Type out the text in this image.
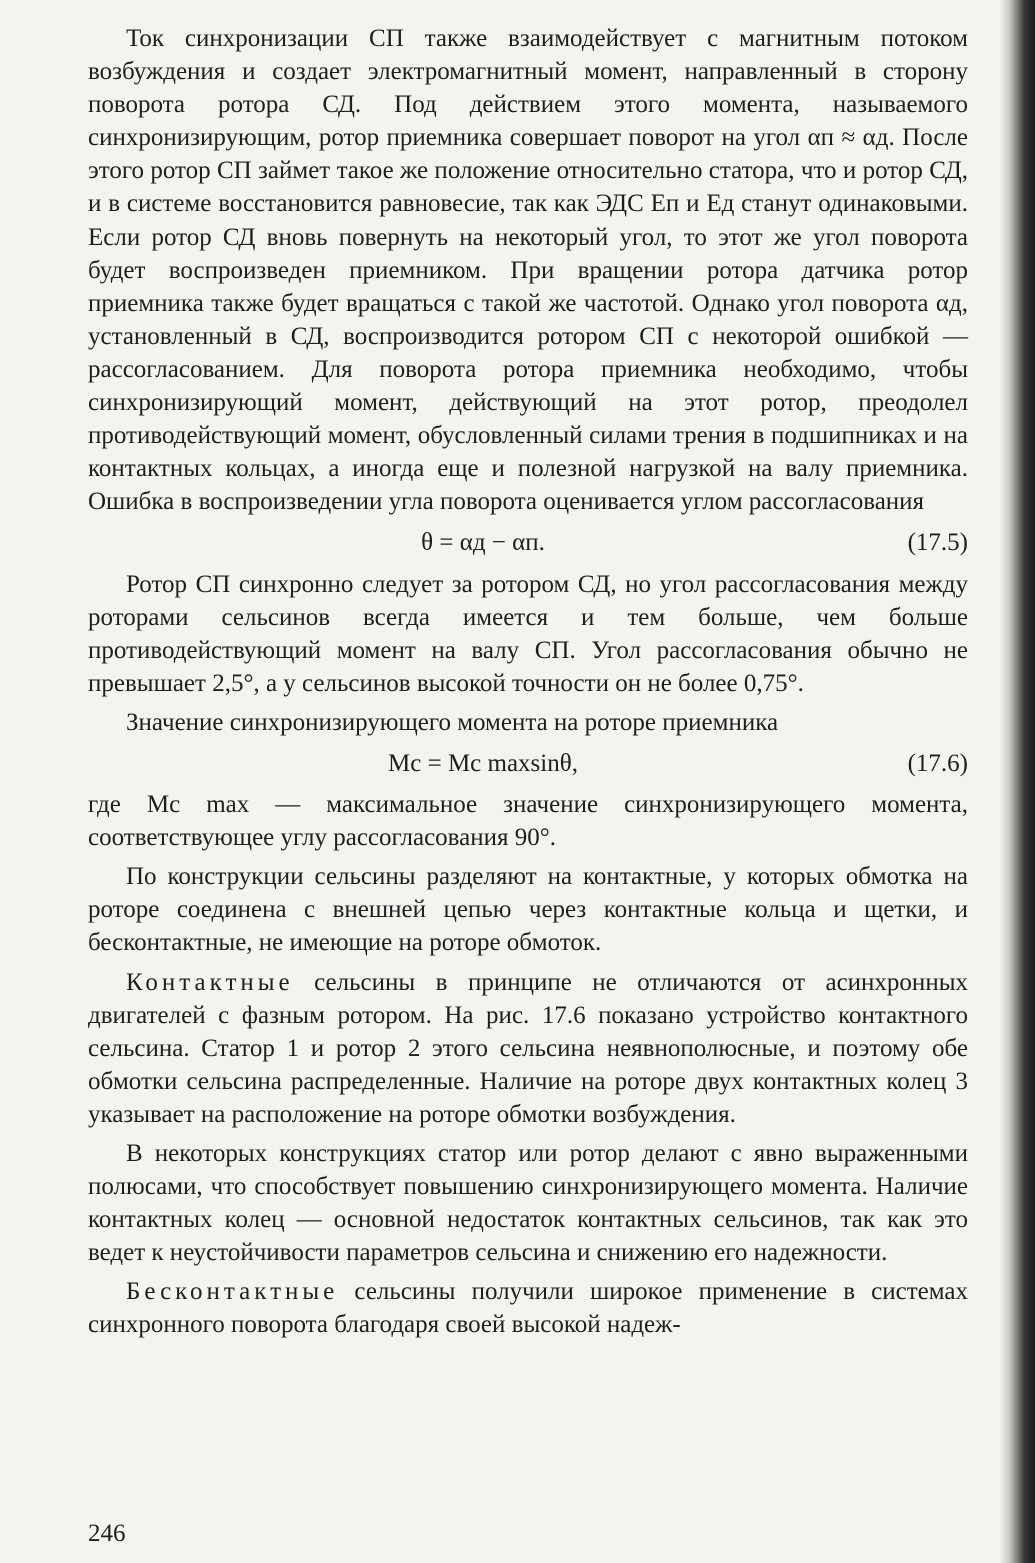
Ток синхронизации СП также взаимодействует с магнитным потоком возбуждения и создает электромагнитный момент, направленный в сторону поворота ротора СД. Под действием этого момента, называемого синхронизирующим, ротор приемника совершает поворот на угол αп ≈ αд. После этого ротор СП займет такое же положение относительно статора, что и ротор СД, и в системе восстановится равновесие, так как ЭДС Eп и Eд станут одинаковыми. Если ротор СД вновь повернуть на некоторый угол, то этот же угол поворота будет воспроизведен приемником. При вращении ротора датчика ротор приемника также будет вращаться с такой же частотой. Однако угол поворота αд, установленный в СД, воспроизводится ротором СП с некоторой ошибкой — рассогласованием. Для поворота ротора приемника необходимо, чтобы синхронизирующий момент, действующий на этот ротор, преодолел противодействующий момент, обусловленный силами трения в подшипниках и на контактных кольцах, а иногда еще и полезной нагрузкой на валу приемника. Ошибка в воспроизведении угла поворота оценивается углом рассогласования

θ = αд − αп.	(17.5)

Ротор СП синхронно следует за ротором СД, но угол рассогласования между роторами сельсинов всегда имеется и тем больше, чем больше противодействующий момент на валу СП. Угол рассогласования обычно не превышает 2,5°, а у сельсинов высокой точности он не более 0,75°.

Значение синхронизирующего момента на роторе приемника

Mс = Mс maxsinθ,	(17.6)

где Mс max — максимальное значение синхронизирующего момента, соответствующее углу рассогласования 90°.

По конструкции сельсины разделяют на контактные, у которых обмотка на роторе соединена с внешней цепью через контактные кольца и щетки, и бесконтактные, не имеющие на роторе обмоток.

Контактные сельсины в принципе не отличаются от асинхронных двигателей с фазным ротором. На рис. 17.6 показано устройство контактного сельсина. Статор 1 и ротор 2 этого сельсина неявнополюсные, и поэтому обе обмотки сельсина распределенные. Наличие на роторе двух контактных колец 3 указывает на расположение на роторе обмотки возбуждения.

В некоторых конструкциях статор или ротор делают с явно выраженными полюсами, что способствует повышению синхронизирующего момента. Наличие контактных колец — основной недостаток контактных сельсинов, так как это ведет к неустойчивости параметров сельсина и снижению его надежности.

Бесконтактные сельсины получили широкое применение в системах синхронного поворота благодаря своей высокой надеж-

246
